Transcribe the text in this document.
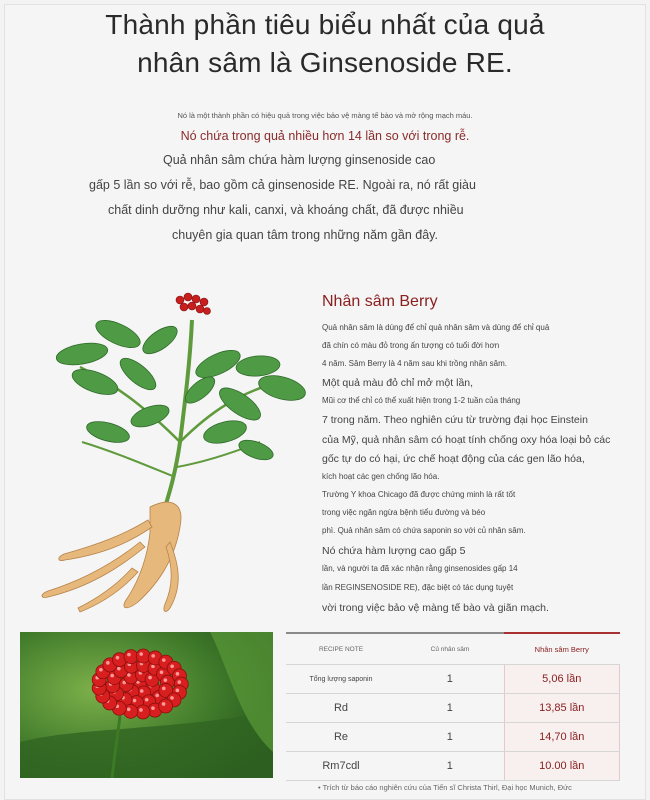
Thành phần tiêu biểu nhất của quả
nhân sâm là Ginsenoside RE.
Nó là một thành phần có hiệu quả trong việc bảo vệ màng tế bào và mở rộng mạch máu.
Nó chứa trong quả nhiều hơn 14 lần so với trong rễ.
Quả nhân sâm chứa hàm lượng ginsenoside cao
gấp 5 lần so với rễ, bao gồm cả ginsenoside RE. Ngoài ra, nó rất giàu
chất dinh dưỡng như kali, canxi, và khoáng chất, đã được nhiều
chuyên gia quan tâm trong những năm gần đây.
Nhân sâm Berry
Quả nhân sâm là dùng để chỉ quả nhân sâm và dùng để chỉ quả
đã chín có màu đỏ trong ấn tượng có tuổi đời hơn
4 năm. Sâm Berry là 4 năm sau khi trồng nhân sâm.
Một quả màu đỏ chỉ mở một lần,
Mũi cơ thể chỉ có thể xuất hiện trong 1-2 tuần của tháng
7 trong năm. Theo nghiên cứu từ trường đại học Einstein
của Mỹ, quả nhân sâm có hoạt tính chống oxy hóa loại bỏ các
gốc tự do có hại, ức chế hoạt động của các gen lão hóa,
kích hoạt các gen chống lão hóa.
Trường Y khoa Chicago đã được chứng minh là rất tốt
trong việc ngăn ngừa bệnh tiểu đường và béo
phì. Quả nhân sâm có chứa saponin so với củ nhân sâm.
Nó chứa hàm lượng cao gấp 5
lần, và người ta đã xác nhận rằng ginsenosides gấp 14
lần REGINSENOSIDE RE), đặc biệt có tác dụng tuyệt
vời trong việc bảo vệ màng tế bào và giãn mạch.
RECIPE NOTE	Củ nhân sâm	Nhân sâm Berry
Tổng lượng saponin	1	5,06 lần
Rd	1	13,85 lần
Re	1	14,70 lần
Rm7cdl	1	10.00 lần
• Trích từ báo cáo nghiên cứu của Tiến sĩ Christa Thirl, Đại học Munich, Đức
